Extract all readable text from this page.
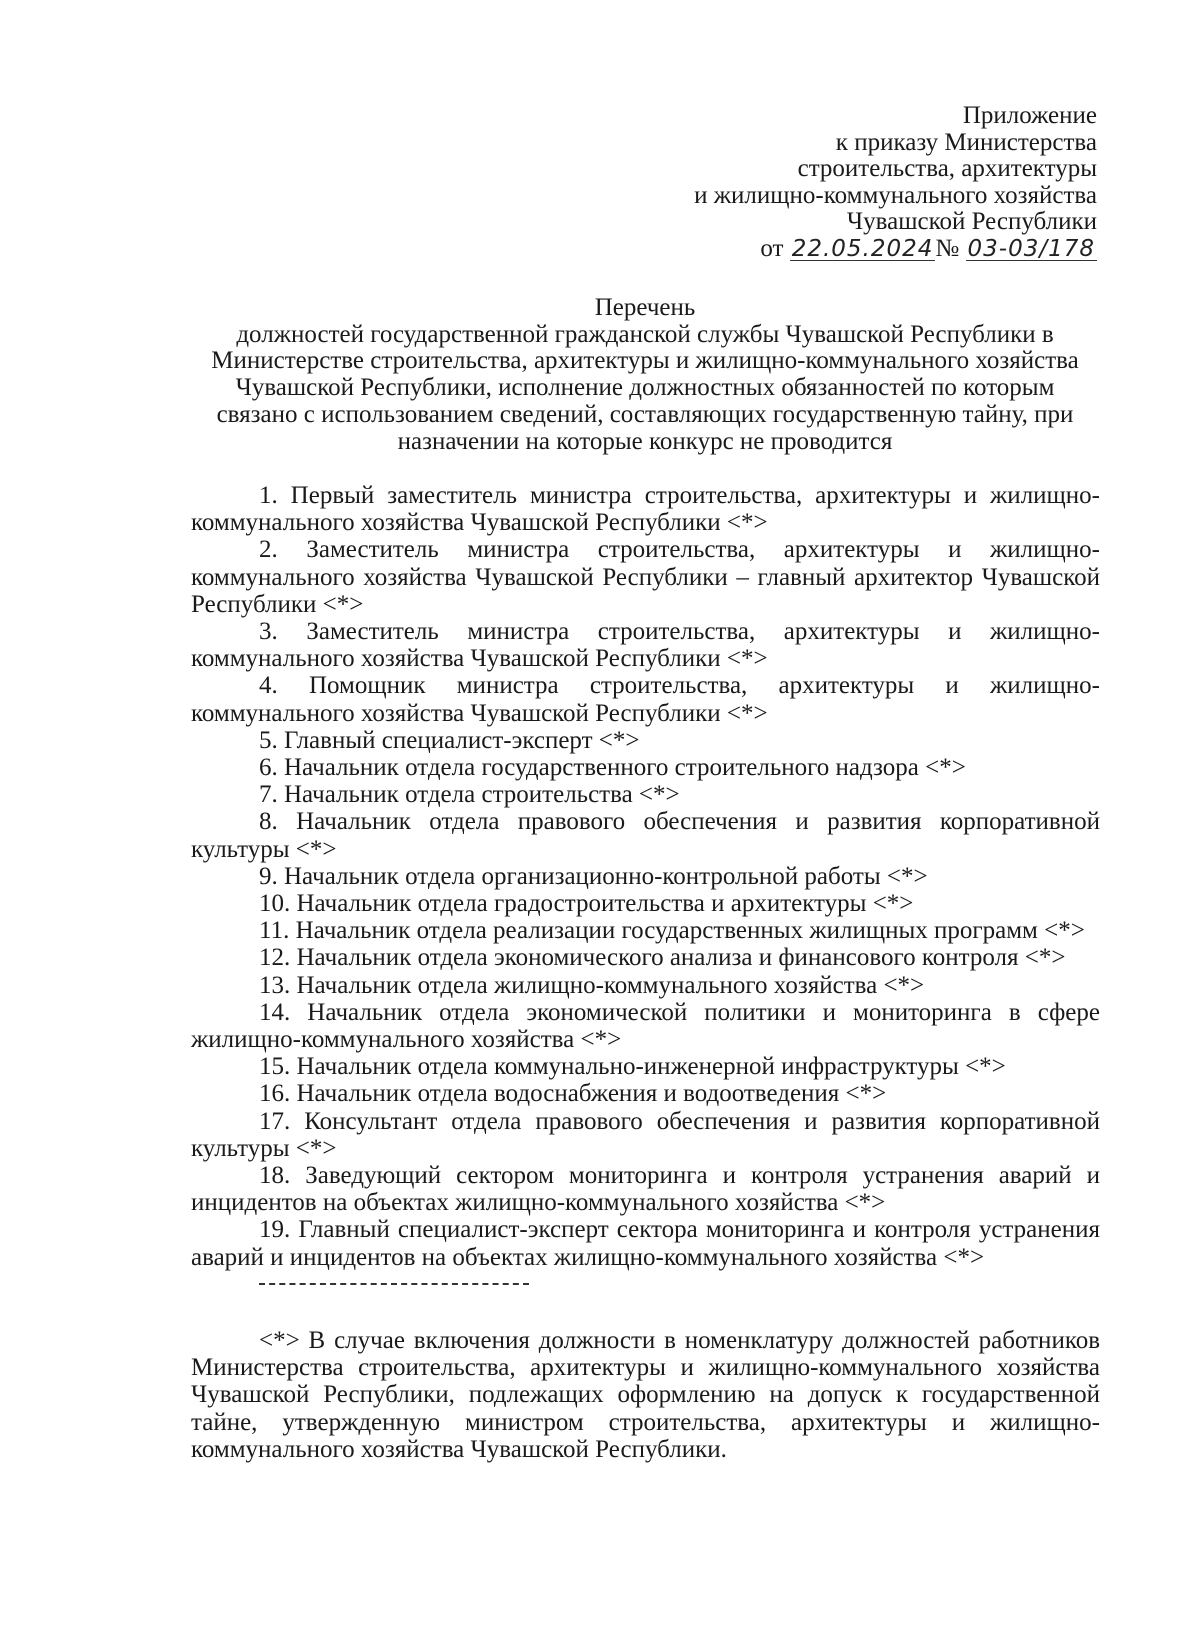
Приложение
к приказу Министерства
строительства, архитектуры
и жилищно-коммунального хозяйства
Чувашской Республики
от 22.05.2024№ 03-03/178
Перечень
должностей государственной гражданской службы Чувашской Республики в
Министерстве строительства, архитектуры и жилищно-коммунального хозяйства
Чувашской Республики, исполнение должностных обязанностей по которым
связано с использованием сведений, составляющих государственную тайну, при
назначении на которые конкурс не проводится

1. Первый заместитель министра строительства, архитектуры и жилищно-коммунального хозяйства Чувашской Республики <*>

2. Заместитель министра строительства, архитектуры и жилищно-коммунального хозяйства Чувашской Республики – главный архитектор Чувашской Республики <*>

3. Заместитель министра строительства, архитектуры и жилищно-коммунального хозяйства Чувашской Республики <*>

4. Помощник министра строительства, архитектуры и жилищно-коммунального хозяйства Чувашской Республики <*>

5. Главный специалист-эксперт <*>

6. Начальник отдела государственного строительного надзора <*>

7. Начальник отдела строительства <*>

8. Начальник отдела правового обеспечения и развития корпоративной культуры <*>

9. Начальник отдела организационно-контрольной работы <*>

10. Начальник отдела градостроительства и архитектуры <*>

11. Начальник отдела реализации государственных жилищных программ <*>

12. Начальник отдела экономического анализа и финансового контроля <*>

13. Начальник отдела жилищно-коммунального хозяйства <*>

14. Начальник отдела экономической политики и мониторинга в сфере жилищно-коммунального хозяйства <*>

15. Начальник отдела коммунально-инженерной инфраструктуры <*>

16. Начальник отдела водоснабжения и водоотведения <*>

17. Консультант отдела правового обеспечения и развития корпоративной культуры <*>

18. Заведующий сектором мониторинга и контроля устранения аварий и инцидентов на объектах жилищно-коммунального хозяйства <*>

19. Главный специалист-эксперт сектора мониторинга и контроля устранения аварий и инцидентов на объектах жилищно-коммунального хозяйства <*>

<*> В случае включения должности в номенклатуру должностей работников Министерства строительства, архитектуры и жилищно-коммунального хозяйства Чувашской Республики, подлежащих оформлению на допуск к государственной тайне, утвержденную министром строительства, архитектуры и жилищно-коммунального хозяйства Чувашской Республики.
